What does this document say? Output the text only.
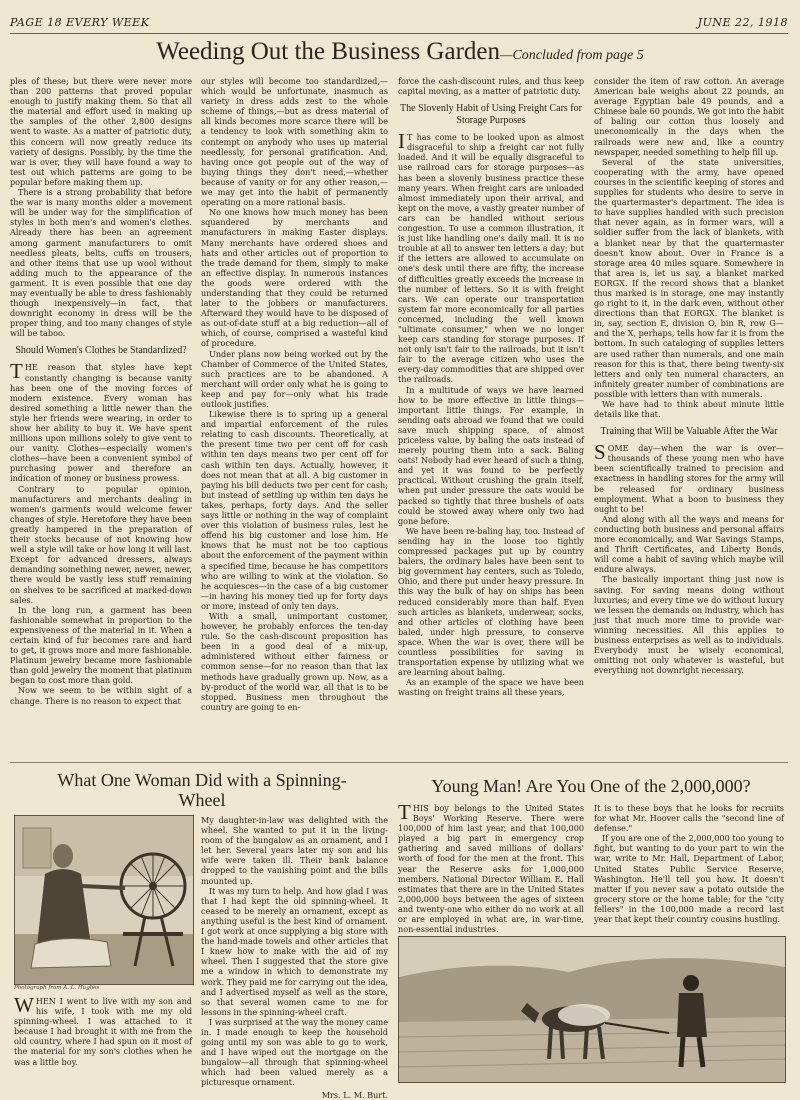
PAGE 18 EVERY WEEK	JUNE 22, 1918
Weeding Out the Business Garden—Concluded from page 5

ples of these; but there were never more than 200 patterns that proved popular enough to justify making them. So that all the material and effort used in making up the samples of the other 2,800 designs went to waste. As a matter of patriotic duty, this concern will now greatly reduce its variety of designs. Possibly, by the time the war is over, they will have found a way to test out which patterns are going to be popular before making them up.

There is a strong probability that before the war is many months older a movement will be under way for the simplification of styles in both men's and women's clothes. Already there has been an agreement among garment manufacturers to omit needless pleats, belts, cuffs on trousers, and other items that use up wool without adding much to the appearance of the garment. It is even possible that one day may eventually be able to dress fashionably though inexpensively—in fact, that downright economy in dress will be the proper thing, and too many changes of style will be taboo.

Should Women's Clothes be Standardized?

THE reason that styles have kept constantly changing is because vanity has been one of the moving forces of modern existence. Every woman has desired something a little newer than the style her friends were wearing, in order to show her ability to buy it. We have spent millions upon millions solely to give vent to our vanity. Clothes—especially women's clothes—have been a convenient symbol of purchasing power and therefore an indication of money or business prowess.

Contrary to popular opinion, manufacturers and merchants dealing in women's garments would welcome fewer changes of style. Heretofore they have been greatly hampered in the preparation of their stocks because of not knowing how well a style will take or how long it will last. Except for advanced dressers, always demanding something newer, newer, newer, there would be vastly less stuff remaining on shelves to be sacrificed at marked-down sales.

In the long run, a garment has been fashionable somewhat in proportion to the expensiveness of the material in it. When a certain kind of fur becomes rare and hard to get, it grows more and more fashionable. Platinum jewelry became more fashionable than gold jewelry the moment that platinum began to cost more than gold.

Now we seem to be within sight of a change. There is no reason to expect that

our styles will become too standardized,—which would be unfortunate, inasmuch as variety in dress adds zest to the whole scheme of things,—but as dress material of all kinds becomes more scarce there will be a tendency to look with something akin to contempt on anybody who uses up material needlessly, for personal gratification. And, having once got people out of the way of buying things they don't need,—whether because of vanity or for any other reason,—we may get into the habit of permanently operating on a more rational basis.

No one knows how much money has been squandered by merchants and manufacturers in making Easter displays. Many merchants have ordered shoes and hats and other articles out of proportion to the trade demand for them, simply to make an effective display. In numerous instances the goods were ordered with the understanding that they could be returned later to the jobbers or manufacturers. Afterward they would have to be disposed of as out-of-date stuff at a big reduction—all of which, of course, comprised a wasteful kind of procedure.

Under plans now being worked out by the Chamber of Commerce of the United States, such practices are to be abandoned. A merchant will order only what he is going to keep and pay for—only what his trade outlook justifies.

Likewise there is to spring up a general and impartial enforcement of the rules relating to cash discounts. Theoretically, at the present time two per cent off for cash within ten days means two per cent off for cash within ten days. Actually, however, it does not mean that at all. A big customer in paying his bill deducts two per cent for cash; but instead of settling up within ten days he takes, perhaps, forty days. And the seller says little or nothing in the way of complaint over this violation of business rules, lest he offend his big customer and lose him. He knows that he must not be too captious about the enforcement of the payment within a specified time, because he has competitors who are willing to wink at the violation. So he acquiesces—in the case of a big customer—in having his money tied up for forty days or more, instead of only ten days.

With a small, unimportant customer, however, he probably enforces the ten-day rule. So the cash-discount proposition has been in a good deal of a mix-up, administered without either fairness or common sense—for no reason than that lax methods have gradually grown up. Now, as a by-product of the world war, all that is to be stopped. Business men throughout the country are going to en-

force the cash-discount rules, and thus keep capital moving, as a matter of patriotic duty.

The Slovenly Habit of Using Freight Cars for Storage Purposes

I T has come to be looked upon as almost disgraceful to ship a freight car not fully loaded. And it will be equally disgraceful to use railroad cars for storage purposes—as has been a slovenly business practice these many years. When freight cars are unloaded almost immediately upon their arrival, and kept on the move, a vastly greater number of cars can be handled without serious congestion. To use a common illustration, it is just like handling one's daily mail. It is no trouble at all to answer ten letters a day; but if the letters are allowed to accumulate on one's desk until there are fifty, the increase of difficulties greatly exceeds the increase in the number of letters. So it is with freight cars. We can operate our transportation system far more economically for all parties concerned, including the well known "ultimate consumer," when we no longer keep cars standing for storage purposes. If not only isn't fair to the railroads, but it isn't fair to the average citizen who uses the every-day commodities that are shipped over the railroads.

In a multitude of ways we have learned how to be more effective in little things—important little things. For example, in sending oats abroad we found that we could save much shipping space, of almost priceless value, by baling the oats instead of merely pouring them into a sack. Baling oats! Nobody had ever heard of such a thing, and yet it was found to be perfectly practical. Without crushing the grain itself, when put under pressure the oats would be packed so tightly that three bushels of oats could be stowed away where only two had gone before.

We have been re-baling hay, too. Instead of sending hay in the loose too tightly compressed packages put up by country balers, the ordinary bales have been sent to big government hay centers, such as Toledo, Ohio, and there put under heavy pressure. In this way the bulk of hay on ships has been reduced considerably more than half. Even such articles as blankets, underwear, socks, and other articles of clothing have been baled, under high pressure, to conserve space. When the war is over, there will be countless possibilities for saving in transportation expense by utilizing what we are learning about baling.

As an example of the space we have been wasting on freight trains all these years,

consider the item of raw cotton. An average American bale weighs about 22 pounds, an average Egyptian bale 49 pounds, and a Chinese bale 60 pounds. We got into the habit of baling our cotton thus loosely and uneconomically in the days when the railroads were new and, like a country newspaper, needed something to help fill up.

Several of the state universities, cooperating with the army, have opened courses in the scientific keeping of stores and supplies for students who desire to serve in the quartermaster's department. The idea is to have supplies handled with such precision that never again, as in former wars, will a soldier suffer from the lack of blankets, with a blanket near by that the quartermaster doesn't know about. Over in France is a storage area 40 miles square. Somewhere in that area is, let us say, a blanket marked EORGX. If the record shows that a blanket thus marked is in storage, one may instantly go right to it, in the dark even, without other directions than that EORGX. The blanket is in, say, section E, division O, bin R, row G—and the X, perhaps, tells how far it is from the bottom. In such cataloging of supplies letters are used rather than numerals, and one main reason for this is that, there being twenty-six letters and only ten numeral characters, an infinitely greater number of combinations are possible with letters than with numerals.

We have had to think about minute little details like that.

Training that Will be Valuable After the War

SOME day—when the war is over—thousands of these young men who have been scientifically trained to precision and exactness in handling stores for the army will be released for ordinary business employment. What a boon to business they ought to be!

And along with all the ways and means for conducting both business and personal affairs more economically, and War Savings Stamps, and Thrift Certificates, and Liberty Bonds, will come a habit of saving which maybe will endure always.

The basically important thing just now is saving. For saving means doing without luxuries; and every time we do without luxury we lessen the demands on industry, which has just that much more time to provide war-winning necessities. All this applies to business enterprises as well as to individuals. Everybody must be wisely economical, omitting not only whatever is wasteful, but everything not downright necessary.

What One Woman Did with a Spinning-Wheel
Photograph from A. L. Hughes

WHEN I went to live with my son and his wife, I took with me my old spinning-wheel. I was attached to it because I had brought it with me from the old country, where I had spun on it most of the material for my son's clothes when he was a little boy.

My daughter-in-law was delighted with the wheel. She wanted to put it in the living-room of the bungalow as an ornament, and I let her. Several years later my son and his wife were taken ill. Their bank balance dropped to the vanishing point and the bills mounted up.

It was my turn to help. And how glad I was that I had kept the old spinning-wheel. It ceased to be merely an ornament, except as anything useful is the best kind of ornament. I got work at once supplying a big store with the hand-made towels and other articles that I knew how to make with the aid of my wheel. Then I suggested that the store give me a window in which to demonstrate my work. They paid me for carrying out the idea, and I advertised myself as well as the store, so that several women came to me for lessons in the spinning-wheel craft.

I was surprised at the way the money came in. I made enough to keep the household going until my son was able to go to work, and I have wiped out the mortgage on the bungalow—all through that spinning-wheel which had been valued merely as a picturesque ornament.

Mrs. L. M. Burt.
Young Man! Are You One of the 2,000,000?

THIS boy belongs to the United States Boys' Working Reserve. There were 100,000 of him last year, and that 100,000 played a big part in emergency crop gathering and saved millions of dollars' worth of food for the men at the front. This year the Reserve asks for 1,000,000 members. National Director William E. Hall estimates that there are in the United States 2,000,000 boys between the ages of sixteen and twenty-one who either do no work at all or are employed in what are, in war-time, non-essential industries.

It is to these boys that he looks for recruits for what Mr. Hoover calls the "second line of defense."

If you are one of the 2,000,000 too young to fight, but wanting to do your part to win the war, write to Mr. Hall, Department of Labor, United States Public Service Reserve, Washington. He'll tell you how. It doesn't matter if you never saw a potato outside the grocery store or the home table; for the "city fellers" in the 100,000 made a record last year that kept their country cousins hustling.
